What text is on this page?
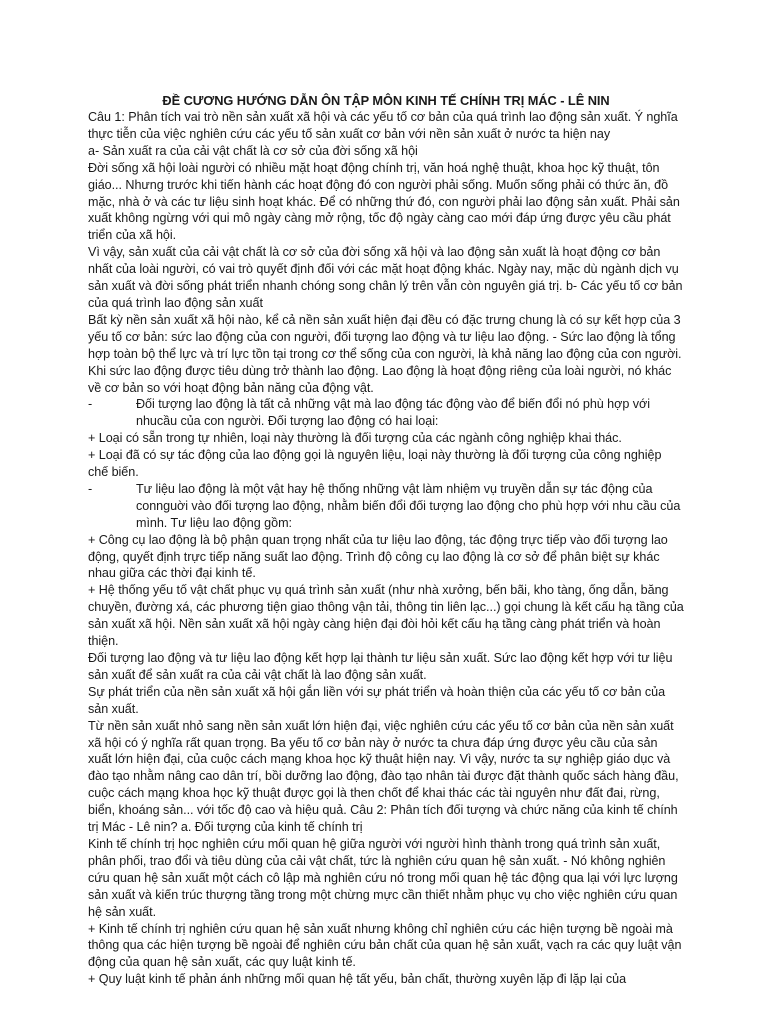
ĐỀ CƯƠNG HƯỚNG DẪN ÔN TẬP MÔN KINH TẾ CHÍNH TRỊ MÁC - LÊ NIN

Câu 1: Phân tích vai trò nền sản xuất xã hội và các yếu tố cơ bản của quá trình lao động sản xuất. Ý nghĩa thực tiễn của việc nghiên cứu các yếu tố sản xuất cơ bản với nền sản xuất ở nước ta hiện nay

a- Sản xuất ra của cải vật chất là cơ sở của đời sống xã hội

Đời sống xã hội loài người có nhiều mặt hoạt động chính trị, văn hoá nghệ thuật, khoa học kỹ thuật, tôn giáo... Nhưng trước khi tiến hành các hoạt động đó con người phải sống. Muốn sống phải có thức ăn, đồ mặc, nhà ở và các tư liệu sinh hoạt khác. Để có những thứ đó, con người phải lao động sản xuất. Phải sản xuất không ngừng với qui mô ngày càng mở rộng, tốc độ ngày càng cao mới đáp ứng được yêu cầu phát triển của xã hội.

Vì vậy, sản xuất của cải vật chất là cơ sở của đời sống xã hội và lao động sản xuất là hoạt động cơ bản nhất của loài người, có vai trò quyết định đối với các mặt hoạt động khác. Ngày nay, mặc dù ngành dịch vụ sản xuất và đời sống phát triển nhanh chóng song chân lý trên vẫn còn nguyên giá trị. b- Các yếu tố cơ bản của quá trình lao động sản xuất

Bất kỳ nền sản xuất xã hội nào, kể cả nền sản xuất hiện đại đều có đặc trưng chung là có sự kết hợp của 3 yếu tố cơ bản: sức lao động của con người, đối tượng lao động và tư liệu lao động. - Sức lao động là tổng hợp toàn bộ thể lực và trí lực tồn tại trong cơ thể sống của con người, là khả năng lao động của con người. Khi sức lao động được tiêu dùng trở thành lao động. Lao động là hoạt động riêng của loài người, nó khác về cơ bản so với hoạt động bản năng của động vật.

-	Đối tượng lao động là tất cả những vật mà lao động tác động vào để biến đổi nó phù hợp với nhucầu của con người. Đối tượng lao động có hai loại:

+ Loại có sẵn trong tự nhiên, loại này thường là đối tượng của các ngành công nghiệp khai thác.

+ Loại đã có sự tác động của lao động gọi là nguyên liệu, loại này thường là đối tượng của công nghiệp chế biến.

-	Tư liệu lao động là một vật hay hệ thống những vật làm nhiệm vụ truyền dẫn sự tác động của connguời vào đối tượng lao động, nhằm biến đổi đối tượng lao động cho phù hợp với nhu cầu của mình. Tư liệu lao động gồm:

+ Công cụ lao động là bộ phận quan trọng nhất của tư liệu lao động, tác động trực tiếp vào đối tượng lao động, quyết định trực tiếp năng suất lao động. Trình độ công cụ lao động là cơ sở để phân biệt sự khác nhau giữa các thời đại kinh tế.

+ Hệ thống yếu tố vật chất phục vụ quá trình sản xuất (như nhà xưởng, bến bãi, kho tàng, ống dẫn, băng chuyền, đường xá, các phương tiện giao thông vận tải, thông tin liên lạc...) gọi chung là kết cấu hạ tầng của sản xuất xã hội. Nền sản xuất xã hội ngày càng hiện đại đòi hỏi kết cấu hạ tầng càng phát triển và hoàn thiện.

Đối tượng lao động và tư liệu lao động kết hợp lại thành tư liệu sản xuất. Sức lao động kết hợp với tư liệu sản xuất để sản xuất ra của cải vật chất là lao động sản xuất.

Sự phát triển của nền sản xuất xã hội gắn liền với sự phát triển và hoàn thiện của các yếu tố cơ bản của sản xuất.

Từ nền sản xuất nhỏ sang nền sản xuất lớn hiện đại, việc nghiên cứu các yếu tố cơ bản của nền sản xuất xã hội có ý nghĩa rất quan trọng. Ba yếu tố cơ bản này ở nước ta chưa đáp ứng được yêu cầu của sản xuất lớn hiện đại, của cuộc cách mạng khoa học kỹ thuật hiện nay. Vì vậy, nước ta sự nghiệp giáo dục và đào tạo nhằm nâng cao dân trí, bồi dưỡng lao động, đào tạo nhân tài được đặt thành quốc sách hàng đầu, cuộc cách mạng khoa học kỹ thuật được gọi là then chốt để khai thác các tài nguyên như đất đai, rừng, biển, khoáng sản... với tốc độ cao và hiệu quả. Câu 2: Phân tích đối tượng và chức năng của kinh tế chính trị Mác - Lê nin? a. Đối tượng của kinh tế chính trị

Kinh tế chính trị học nghiên cứu mối quan hệ giữa người với người hình thành trong quá trình sản xuất, phân phối, trao đổi và tiêu dùng của cải vật chất, tức là nghiên cứu quan hệ sản xuất. - Nó không nghiên cứu quan hệ sản xuất một cách cô lập mà nghiên cứu nó trong mối quan hệ tác động qua lại với lực lượng sản xuất và kiến trúc thượng tầng trong một chừng mực cần thiết nhằm phục vụ cho việc nghiên cứu quan hệ sản xuất.

+ Kinh tế chính trị nghiên cứu quan hệ sản xuất nhưng không chỉ nghiên cứu các hiện tượng bề ngoài mà thông qua các hiện tượng bề ngoài để nghiên cứu bản chất của quan hệ sản xuất, vạch ra các quy luật vận động của quan hệ sản xuất, các quy luật kinh tế.

+ Quy luật kinh tế phản ánh những mối quan hệ tất yếu, bản chất, thường xuyên lặp đi lặp lại của
